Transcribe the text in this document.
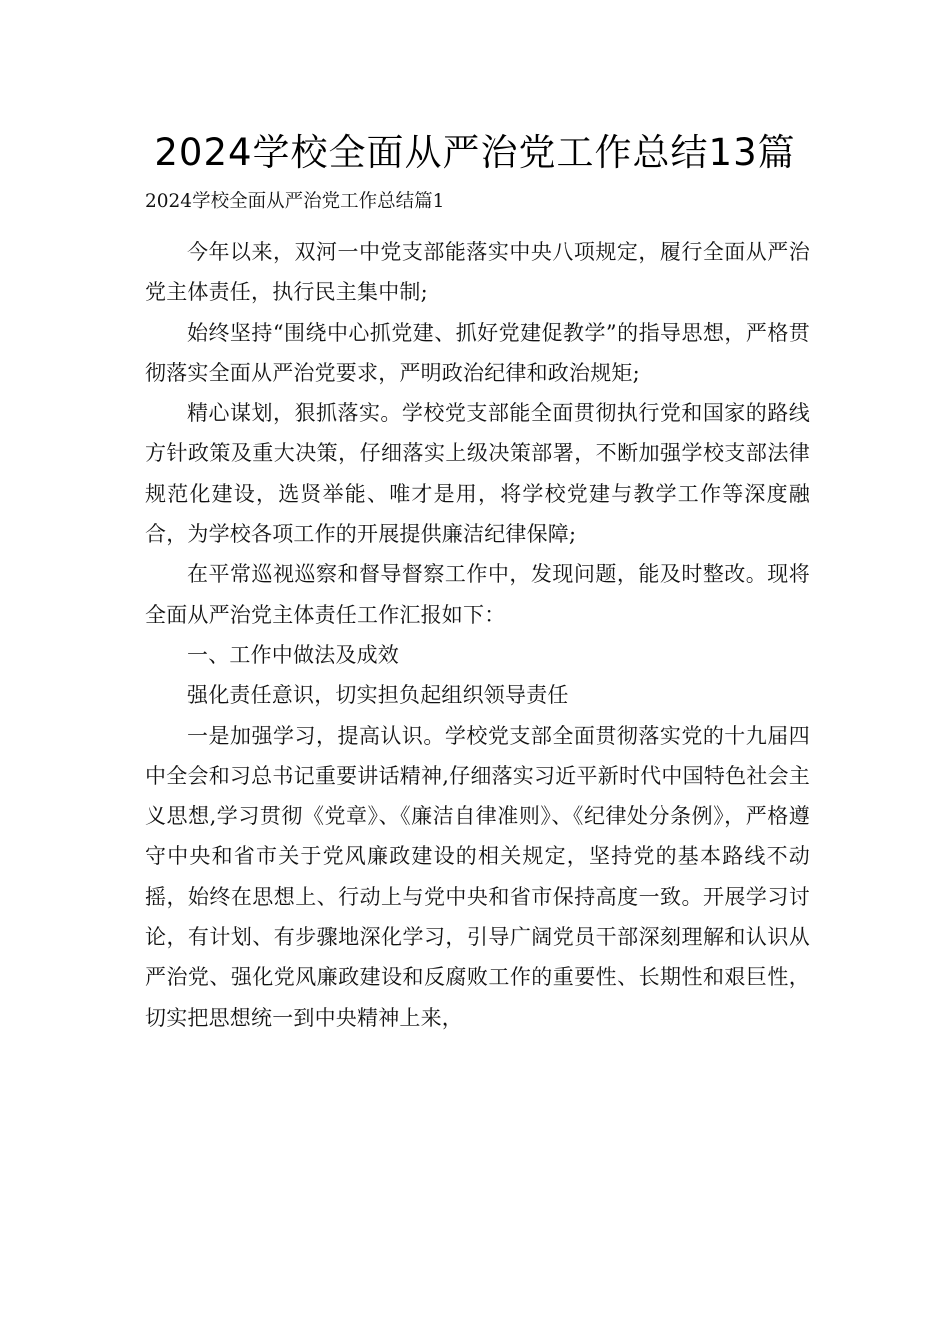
2024学校全面从严治党工作总结13篇

2024学校全面从严治党工作总结篇1

今年以来，双河一中党支部能落实中央八项规定，履行全面从严治党主体责任，执行民主集中制;

始终坚持“围绕中心抓党建、抓好党建促教学”的指导思想，严格贯彻落实全面从严治党要求，严明政治纪律和政治规矩;

精心谋划，狠抓落实。学校党支部能全面贯彻执行党和国家的路线方针政策及重大决策，仔细落实上级决策部署，不断加强学校支部法律规范化建设，选贤举能、唯才是用，将学校党建与教学工作等深度融合，为学校各项工作的开展提供廉洁纪律保障;

在平常巡视巡察和督导督察工作中，发现问题，能及时整改。现将全面从严治党主体责任工作汇报如下：

一、工作中做法及成效

强化责任意识，切实担负起组织领导责任

一是加强学习，提高认识。学校党支部全面贯彻落实党的十九届四中全会和习总书记重要讲话精神,仔细落实习近平新时代中国特色社会主义思想,学习贯彻《党章》、《廉洁自律准则》、《纪律处分条例》，严格遵守中央和省市关于党风廉政建设的相关规定，坚持党的基本路线不动摇，始终在思想上、行动上与党中央和省市保持高度一致。开展学习讨论，有计划、有步骤地深化学习，引导广阔党员干部深刻理解和认识从严治党、强化党风廉政建设和反腐败工作的重要性、长期性和艰巨性，切实把思想统一到中央精神上来，
